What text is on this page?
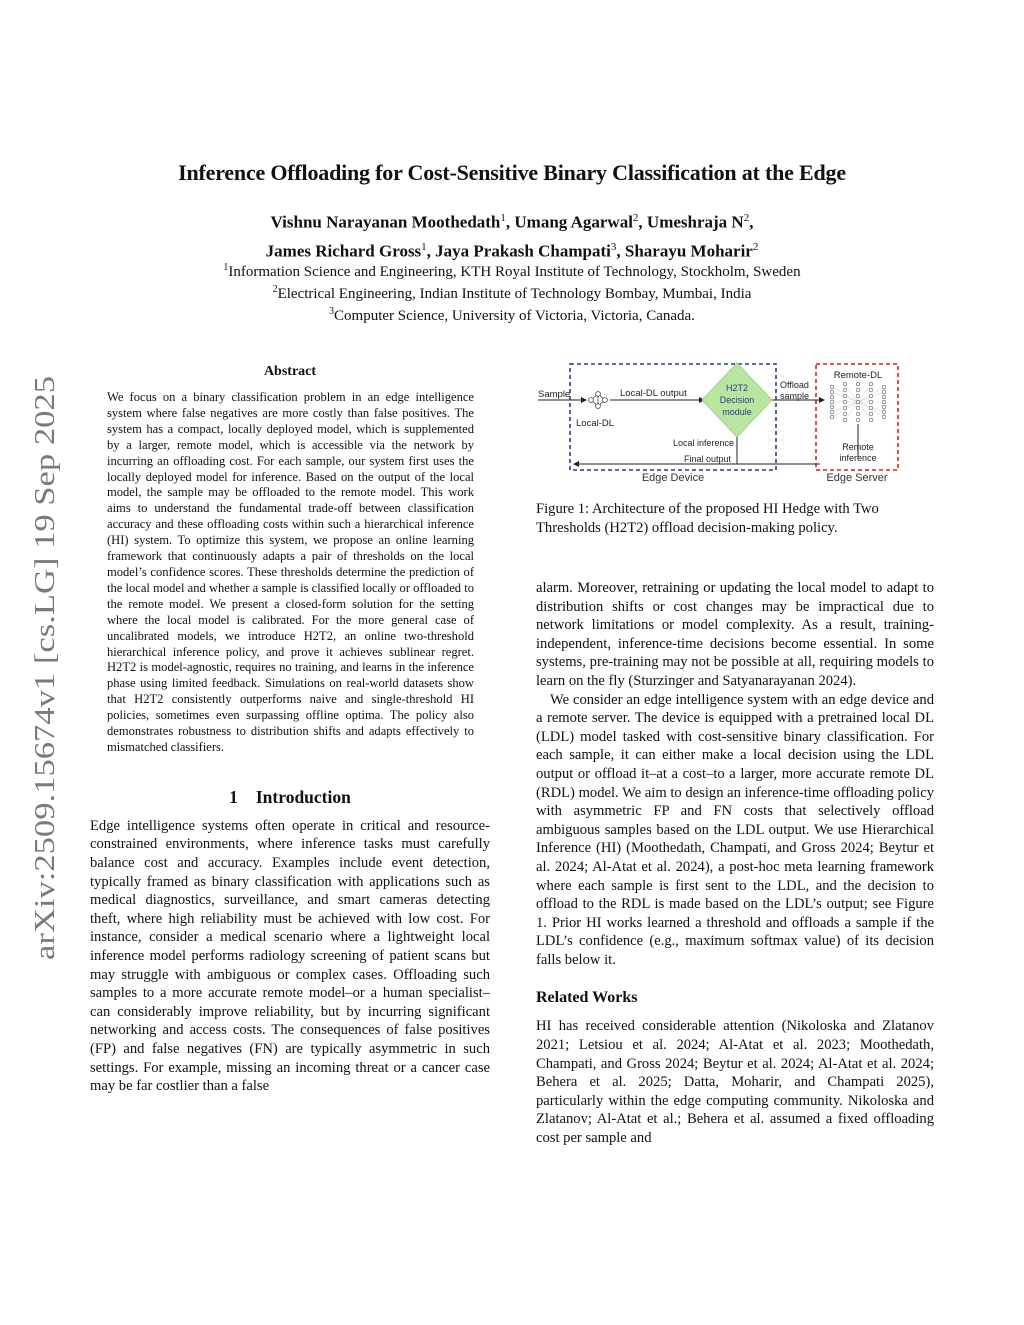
arXiv:2509.15674v1 [cs.LG] 19 Sep 2025
Inference Offloading for Cost-Sensitive Binary Classification at the Edge
Vishnu Narayanan Moothedath$^1$, Umang Agarwal$^2$, Umeshraja $N^2$,
James Richard Gross$^1$, Jaya Prakash Champati$^3$, Sharayu Moharir$^2$
$^1$Information Science and Engineering, KTH Royal Institute of Technology, Stockholm, Sweden
$^2$Electrical Engineering, Indian Institute of Technology Bombay, Mumbai, India
$^3$Computer Science, University of Victoria, Victoria, Canada.
Abstract

We focus on a binary classification problem in an edge intelligence system where false negatives are more costly than false positives. The system has a compact, locally deployed model, which is supplemented by a larger, remote model, which is accessible via the network by incurring an offloading cost. For each sample, our system first uses the locally deployed model for inference. Based on the output of the local model, the sample may be offloaded to the remote model. This work aims to understand the fundamental trade-off between classification accuracy and these offloading costs within such a hierarchical inference (HI) system. To optimize this system, we propose an online learning framework that continuously adapts a pair of thresholds on the local model’s confidence scores. These thresholds determine the prediction of the local model and whether a sample is classified locally or offloaded to the remote model. We present a closed-form solution for the setting where the local model is calibrated. For the more general case of uncalibrated models, we introduce H2T2, an online two-threshold hierarchical inference policy, and prove it achieves sublinear regret. H2T2 is model-agnostic, requires no training, and learns in the inference phase using limited feedback. Simulations on real-world datasets show that H2T2 consistently outperforms naive and single-threshold HI policies, sometimes even surpassing offline optima. The policy also demonstrates robustness to distribution shifts and adapts effectively to mismatched classifiers.

1 Introduction

Edge intelligence systems often operate in critical and resource-constrained environments, where inference tasks must carefully balance cost and accuracy. Examples include event detection, typically framed as binary classification with applications such as medical diagnostics, surveillance, and smart cameras detecting theft, where high reliability must be achieved with low cost. For instance, consider a medical scenario where a lightweight local inference model performs radiology screening of patient scans but may struggle with ambiguous or complex cases. Offloading such samples to a more accurate remote model–or a human specialist–can considerably improve reliability, but by incurring significant networking and access costs. The consequences of false positives (FP) and false negatives (FN) are typically asymmetric in such settings. For example, missing an incoming threat or a cancer case may be far costlier than a false

Sample
Local-DL
Local-DL output	H2T2
Decision
module
Offload
sample
Remote-DL
Remote
inference
Local inference
Final output
Edge Device	Edge Server
Figure 1: Architecture of the proposed HI Hedge with Two Thresholds (H2T2) offload decision-making policy.

alarm. Moreover, retraining or updating the local model to adapt to distribution shifts or cost changes may be impractical due to network limitations or model complexity. As a result, training-independent, inference-time decisions become essential. In some systems, pre-training may not be possible at all, requiring models to learn on the fly (Sturzinger and Satyanarayanan 2024).

We consider an edge intelligence system with an edge device and a remote server. The device is equipped with a pretrained local DL (LDL) model tasked with cost-sensitive binary classification. For each sample, it can either make a local decision using the LDL output or offload it–at a cost–to a larger, more accurate remote DL (RDL) model. We aim to design an inference-time offloading policy with asymmetric FP and FN costs that selectively offload ambiguous samples based on the LDL output. We use Hierarchical Inference (HI) (Moothedath, Champati, and Gross 2024; Beytur et al. 2024; Al-Atat et al. 2024), a post-hoc meta learning framework where each sample is first sent to the LDL, and the decision to offload to the RDL is made based on the LDL’s output; see Figure 1. Prior HI works learned a threshold and offloads a sample if the LDL’s confidence (e.g., maximum softmax value) of its decision falls below it.

Related Works

HI has received considerable attention (Nikoloska and Zlatanov 2021; Letsiou et al. 2024; Al-Atat et al. 2023; Moothedath, Champati, and Gross 2024; Beytur et al. 2024; Al-Atat et al. 2024; Behera et al. 2025; Datta, Moharir, and Champati 2025), particularly within the edge computing community. Nikoloska and Zlatanov; Al-Atat et al.; Behera et al. assumed a fixed offloading cost per sample and
